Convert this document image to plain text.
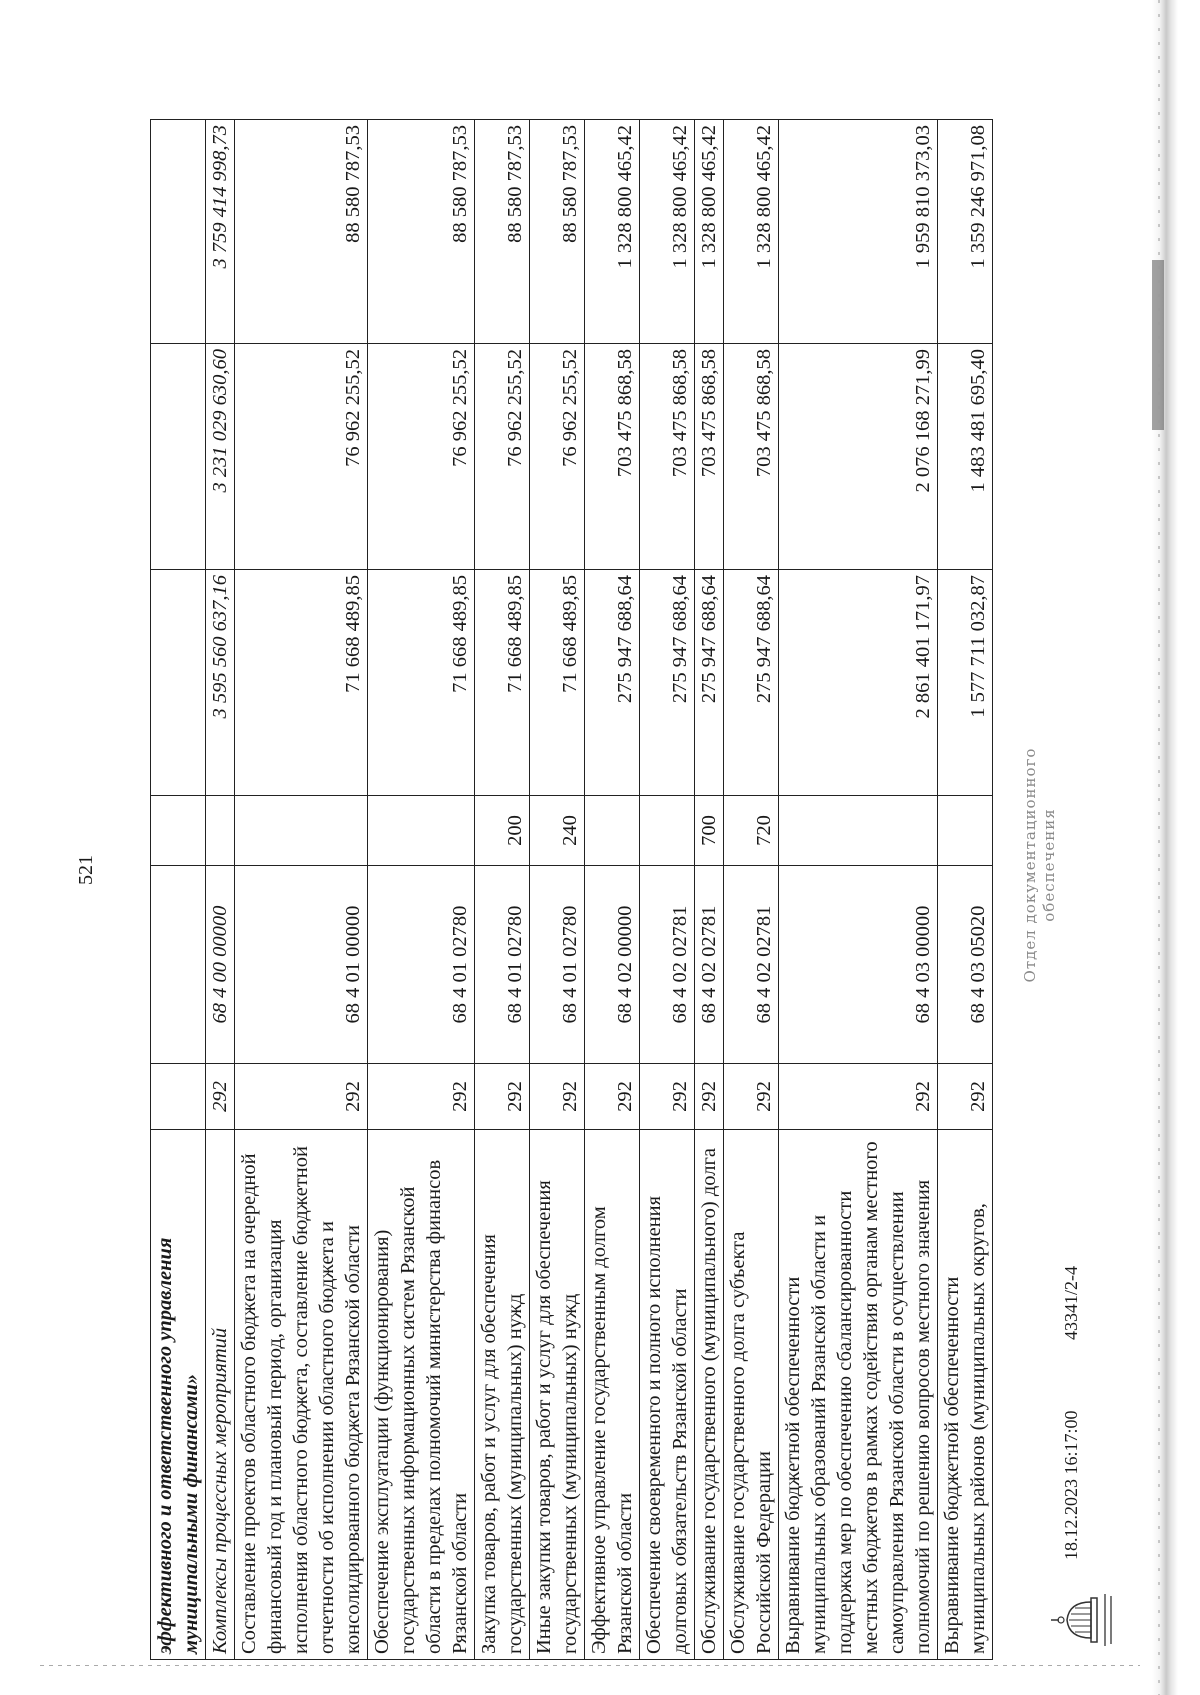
521
эффективного и ответственного управления муниципальными финансами»						
Комплексы процессных мероприятий	292	68 4 00 00000		3 595 560 637,16	3 231 029 630,60	3 759 414 998,73
Составление проектов областного бюджета на очередной финансовый год и плановый период, организация исполнения областного бюджета, составление бюджетной отчетности об исполнении областного бюджета и консолидированного бюджета Рязанской области	292	68 4 01 00000		71 668 489,85	76 962 255,52	88 580 787,53
Обеспечение эксплуатации (функционирования) государственных информационных систем Рязанской области в пределах полномочий министерства финансов Рязанской области	292	68 4 01 02780		71 668 489,85	76 962 255,52	88 580 787,53
Закупка товаров, работ и услуг для обеспечения государственных (муниципальных) нужд	292	68 4 01 02780	200	71 668 489,85	76 962 255,52	88 580 787,53
Иные закупки товаров, работ и услуг для обеспечения государственных (муниципальных) нужд	292	68 4 01 02780	240	71 668 489,85	76 962 255,52	88 580 787,53
Эффективное управление государственным долгом Рязанской области	292	68 4 02 00000		275 947 688,64	703 475 868,58	1 328 800 465,42
Обеспечение своевременного и полного исполнения долговых обязательств Рязанской области	292	68 4 02 02781		275 947 688,64	703 475 868,58	1 328 800 465,42
Обслуживание государственного (муниципального) долга	292	68 4 02 02781	700	275 947 688,64	703 475 868,58	1 328 800 465,42
Обслуживание государственного долга субъекта Российской Федерации	292	68 4 02 02781	720	275 947 688,64	703 475 868,58	1 328 800 465,42
Выравнивание бюджетной обеспеченности муниципальных образований Рязанской области и поддержка мер по обеспечению сбалансированности местных бюджетов в рамках содействия органам местного самоуправления Рязанской области в осуществлении полномочий по решению вопросов местного значения	292	68 4 03 00000		2 861 401 171,97	2 076 168 271,99	1 959 810 373,03
Выравнивание бюджетной обеспеченности муниципальных районов (муниципальных округов,	292	68 4 03 05020		1 577 711 032,87	1 483 481 695,40	1 359 246 971,08
18.12.2023 16:17:00
43341/2-4
Отдел документационного обеспечения
